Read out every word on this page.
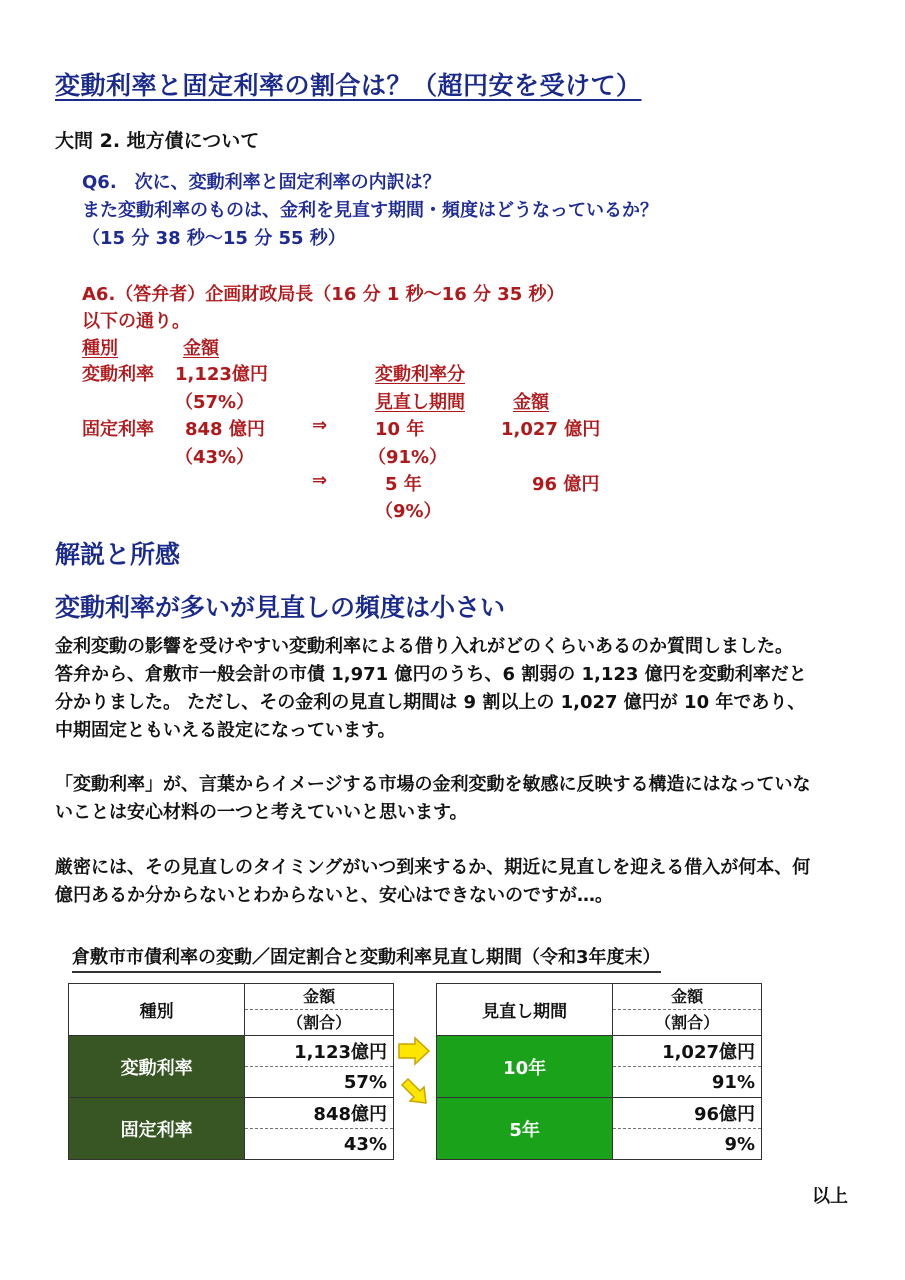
変動利率と固定利率の割合は？（超円安を受けて）
大問 2. 地方債について
Q6.　次に、変動利率と固定利率の内訳は？
また変動利率のものは、金利を見直す期間・頻度はどうなっているか？
（15 分 38 秒～15 分 55 秒）
A6.（答弁者）企画財政局長（16 分 1 秒～16 分 35 秒）
以下の通り。
種別	金額
変動利率 1,123億円	変動利率分
（57%）	見直し期間	金額
固定利率 848 億円	⇒	10 年	1,027 億円
（43%）	（91%）
⇒	5 年	96 億円
（9%）
解説と所感
変動利率が多いが見直しの頻度は小さい
金利変動の影響を受けやすい変動利率による借り入れがどのくらいあるのか質問しました。
答弁から、倉敷市一般会計の市債 1,971 億円のうち、6 割弱の 1,123 億円を変動利率だと
分かりました。 ただし、その金利の見直し期間は 9 割以上の 1,027 億円が 10 年であり、
中期固定ともいえる設定になっています。
「変動利率」が、言葉からイメージする市場の金利変動を敏感に反映する構造にはなっていな
いことは安心材料の一つと考えていいと思います。
厳密には、その見直しのタイミングがいつ到来するか、期近に見直しを迎える借入が何本、何
億円あるか分からないとわからないと、安心はできないのですが…。
倉敷市市債利率の変動／固定割合と変動利率見直し期間（令和3年度末）
種別	金額
	（割合）
変動利率	1,123億円
	57%
固定利率	848億円
	43%
見直し期間	金額
	（割合）
10年	1,027億円
	91%
5年	96億円
	9%
以上
